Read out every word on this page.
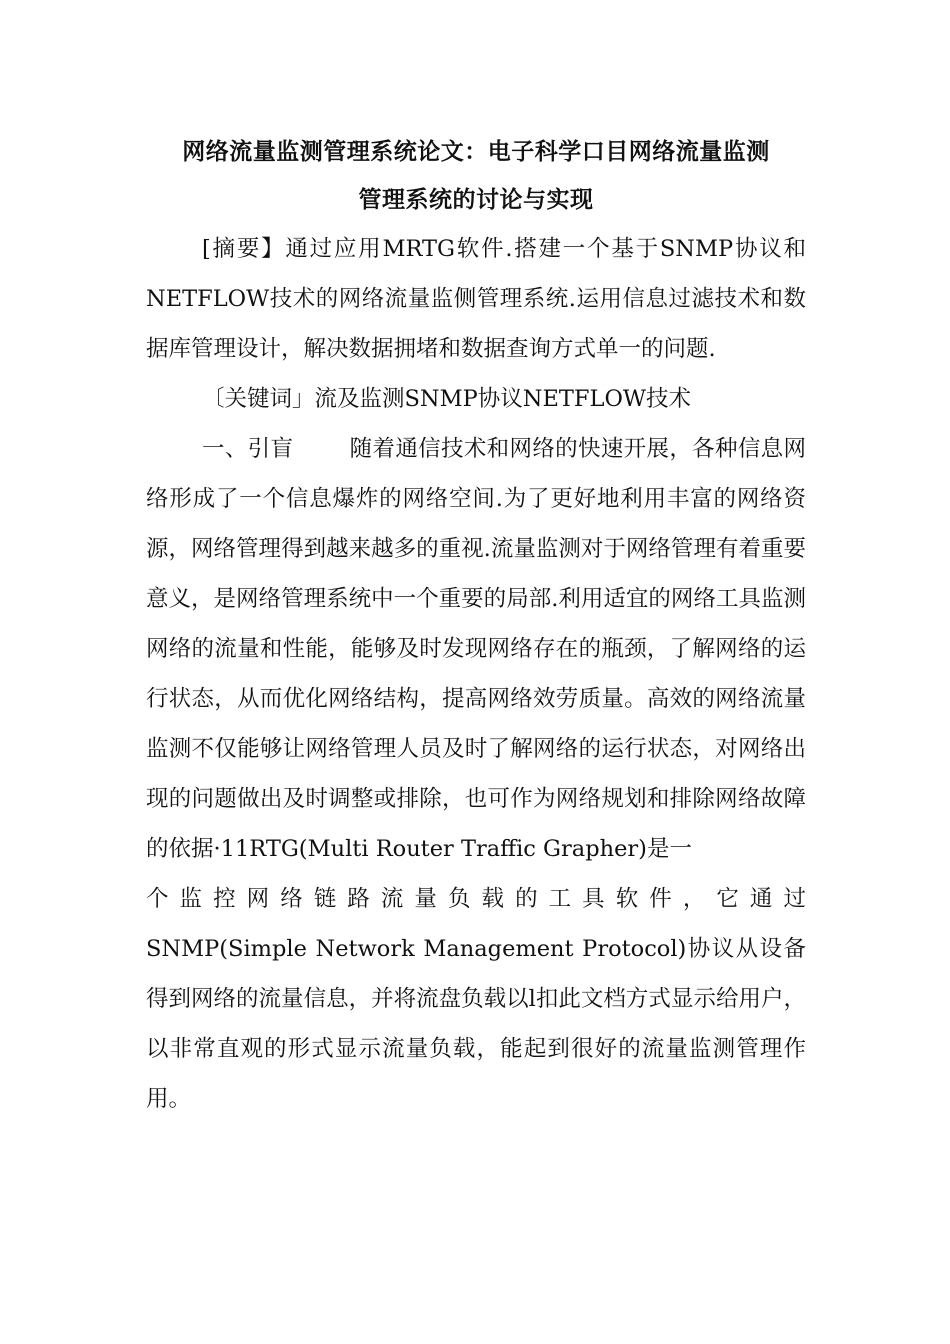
网络流量监测管理系统论文：电子科学口目网络流量监测
管理系统的讨论与实现

[摘要】通过应用MRTG软件.搭建一个基于SNMP协议和NETFLOW技术的网络流量监侧管理系统.运用信息过滤技术和数据库管理设计，解决数据拥堵和数据查询方式单一的问题.

〔关键词」流及监测SNMP协议NETFLOW技术

一、引盲 随着通信技术和网络的快速开展，各种信息网络形成了一个信息爆炸的网络空间.为了更好地利用丰富的网络资源，网络管理得到越来越多的重视.流量监测对于网络管理有着重要意义，是网络管理系统中一个重要的局部.利用适宜的网络工具监测网络的流量和性能，能够及时发现网络存在的瓶颈，了解网络的运行状态，从而优化网络结构，提高网络效劳质量。高效的网络流量监测不仅能够让网络管理人员及时了解网络的运行状态，对网络出现的问题做出及时调整或排除，也可作为网络规划和排除网络故障的依据·11RTG(Multi Router Traffic Grapher)是一
个监控网络链路流量负载的工具软件，它通过
SNMP(Simple Network Management Protocol)协议从设备得到网络的流量信息，并将流盘负载以l扣此文档方式显示给用户，以非常直观的形式显示流量负载，能起到很好的流量监测管理作用。
